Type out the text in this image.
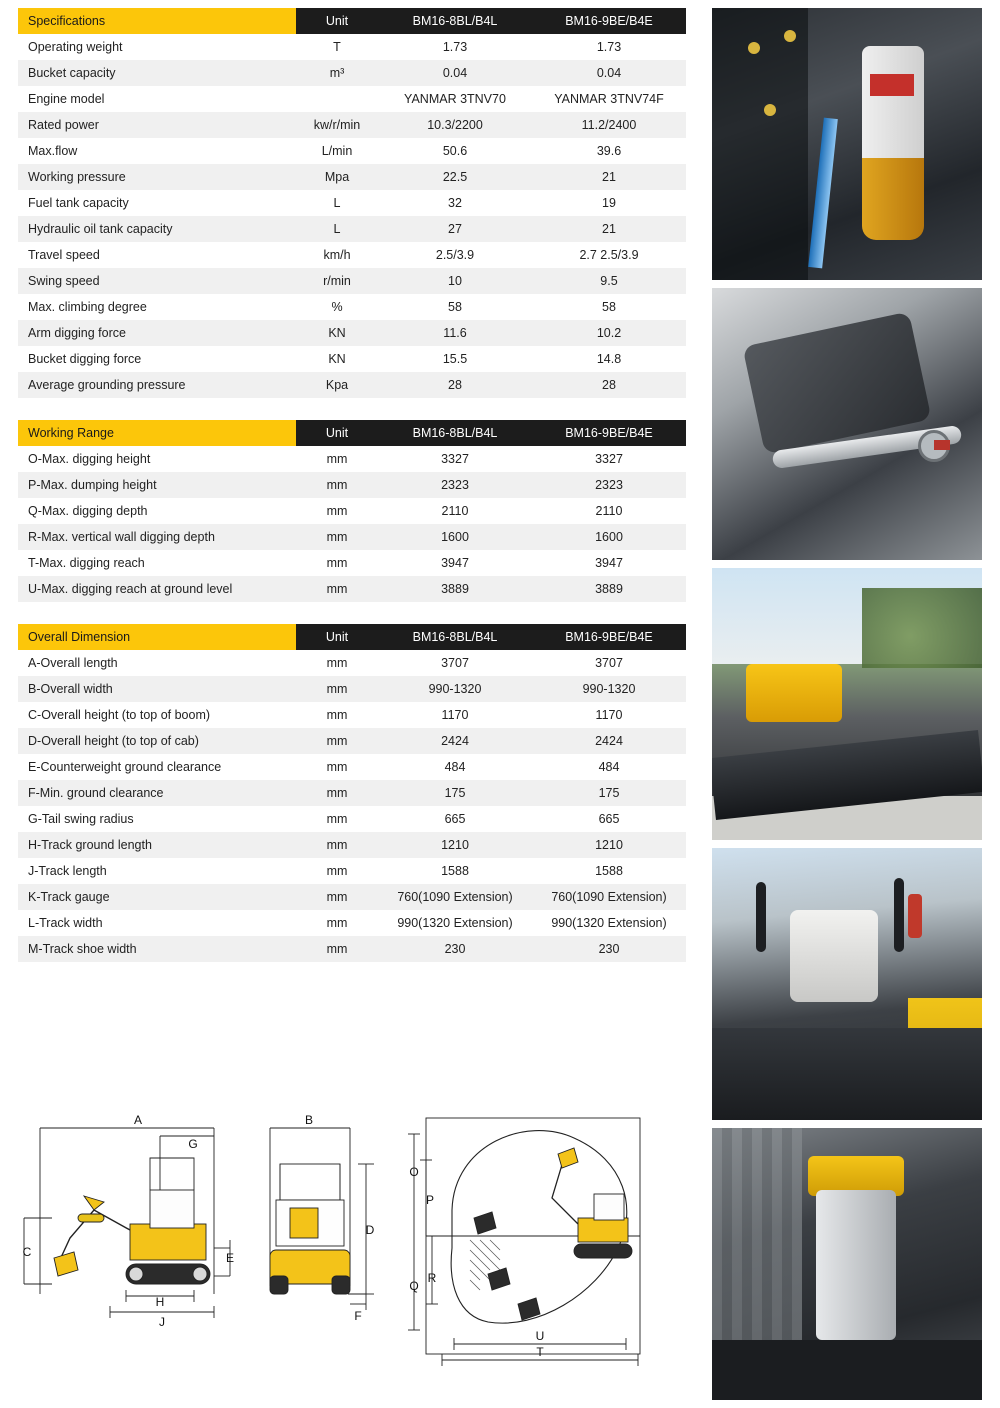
Specifications	Unit	BM16-8BL/B4L	BM16-9BE/B4E
Operating weight	T	1.73	1.73
Bucket capacity	m³	0.04	0.04
Engine model		YANMAR 3TNV70	YANMAR 3TNV74F
Rated power	kw/r/min	10.3/2200	11.2/2400
Max.flow	L/min	50.6	39.6
Working pressure	Mpa	22.5	21
Fuel tank capacity	L	32	19
Hydraulic oil tank capacity	L	27	21
Travel speed	km/h	2.5/3.9	2.7 2.5/3.9
Swing speed	r/min	10	9.5
Max. climbing degree	%	58	58
Arm digging force	KN	11.6	10.2
Bucket digging force	KN	15.5	14.8
Average grounding pressure	Kpa	28	28
Working Range	Unit	BM16-8BL/B4L	BM16-9BE/B4E
O-Max. digging height	mm	3327	3327
P-Max. dumping height	mm	2323	2323
Q-Max. digging depth	mm	2110	2110
R-Max. vertical wall digging depth	mm	1600	1600
T-Max. digging reach	mm	3947	3947
U-Max. digging reach at ground level	mm	3889	3889
Overall Dimension	Unit	BM16-8BL/B4L	BM16-9BE/B4E
A-Overall length	mm	3707	3707
B-Overall width	mm	990-1320	990-1320
C-Overall height (to top of boom)	mm	1170	1170
D-Overall height (to top of cab)	mm	2424	2424
E-Counterweight ground clearance	mm	484	484
F-Min. ground clearance	mm	175	175
G-Tail swing radius	mm	665	665
H-Track ground length	mm	1210	1210
J-Track length	mm	1588	1588
K-Track gauge	mm	760(1090 Extension)	760(1090 Extension)
L-Track width	mm	990(1320 Extension)	990(1320 Extension)
M-Track shoe width	mm	230	230
A
G
C	E
H
J
B
D
F
O
P
Q
R
U
T
